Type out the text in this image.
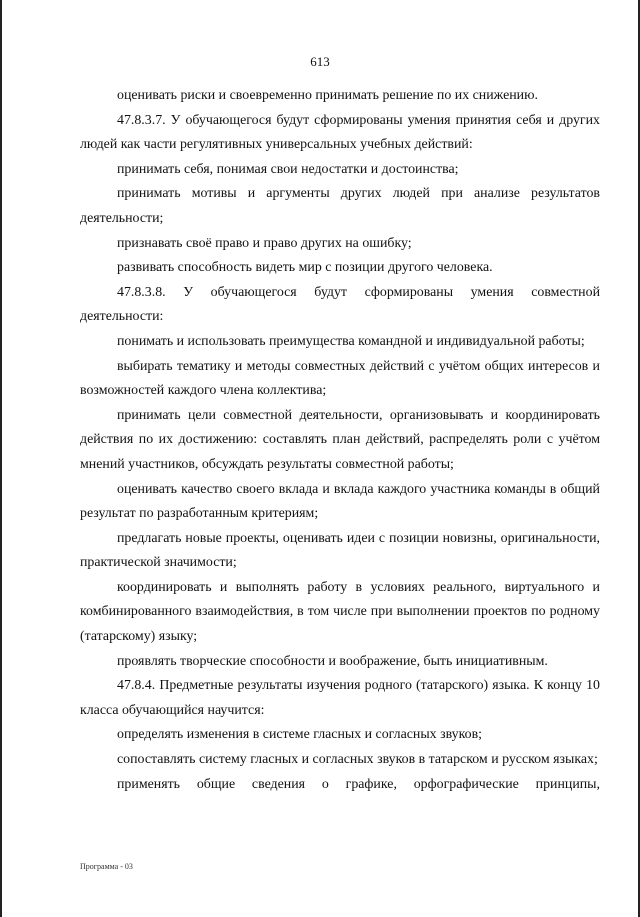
613

оценивать риски и своевременно принимать решение по их снижению.

47.8.3.7. У обучающегося будут сформированы умения принятия себя и других людей как части регулятивных универсальных учебных действий:

принимать себя, понимая свои недостатки и достоинства;

принимать мотивы и аргументы других людей при анализе результатов деятельности;

признавать своё право и право других на ошибку;

развивать способность видеть мир с позиции другого человека.

47.8.3.8. У обучающегося будут сформированы умения совместной деятельности:

понимать и использовать преимущества командной и индивидуальной работы;

выбирать тематику и методы совместных действий с учётом общих интересов и возможностей каждого члена коллектива;

принимать цели совместной деятельности, организовывать и координировать действия по их достижению: составлять план действий, распределять роли с учётом мнений участников, обсуждать результаты совместной работы;

оценивать качество своего вклада и вклада каждого участника команды в общий результат по разработанным критериям;

предлагать новые проекты, оценивать идеи с позиции новизны, оригинальности, практической значимости;

координировать и выполнять работу в условиях реального, виртуального и комбинированного взаимодействия, в том числе при выполнении проектов по родному (татарскому) языку;

проявлять творческие способности и воображение, быть инициативным.

47.8.4. Предметные результаты изучения родного (татарского) языка. К концу 10 класса обучающийся научится:

определять изменения в системе гласных и согласных звуков;

сопоставлять систему гласных и согласных звуков в татарском и русском языках;

применять общие сведения о графике, орфографические принципы,

Программа - 03
